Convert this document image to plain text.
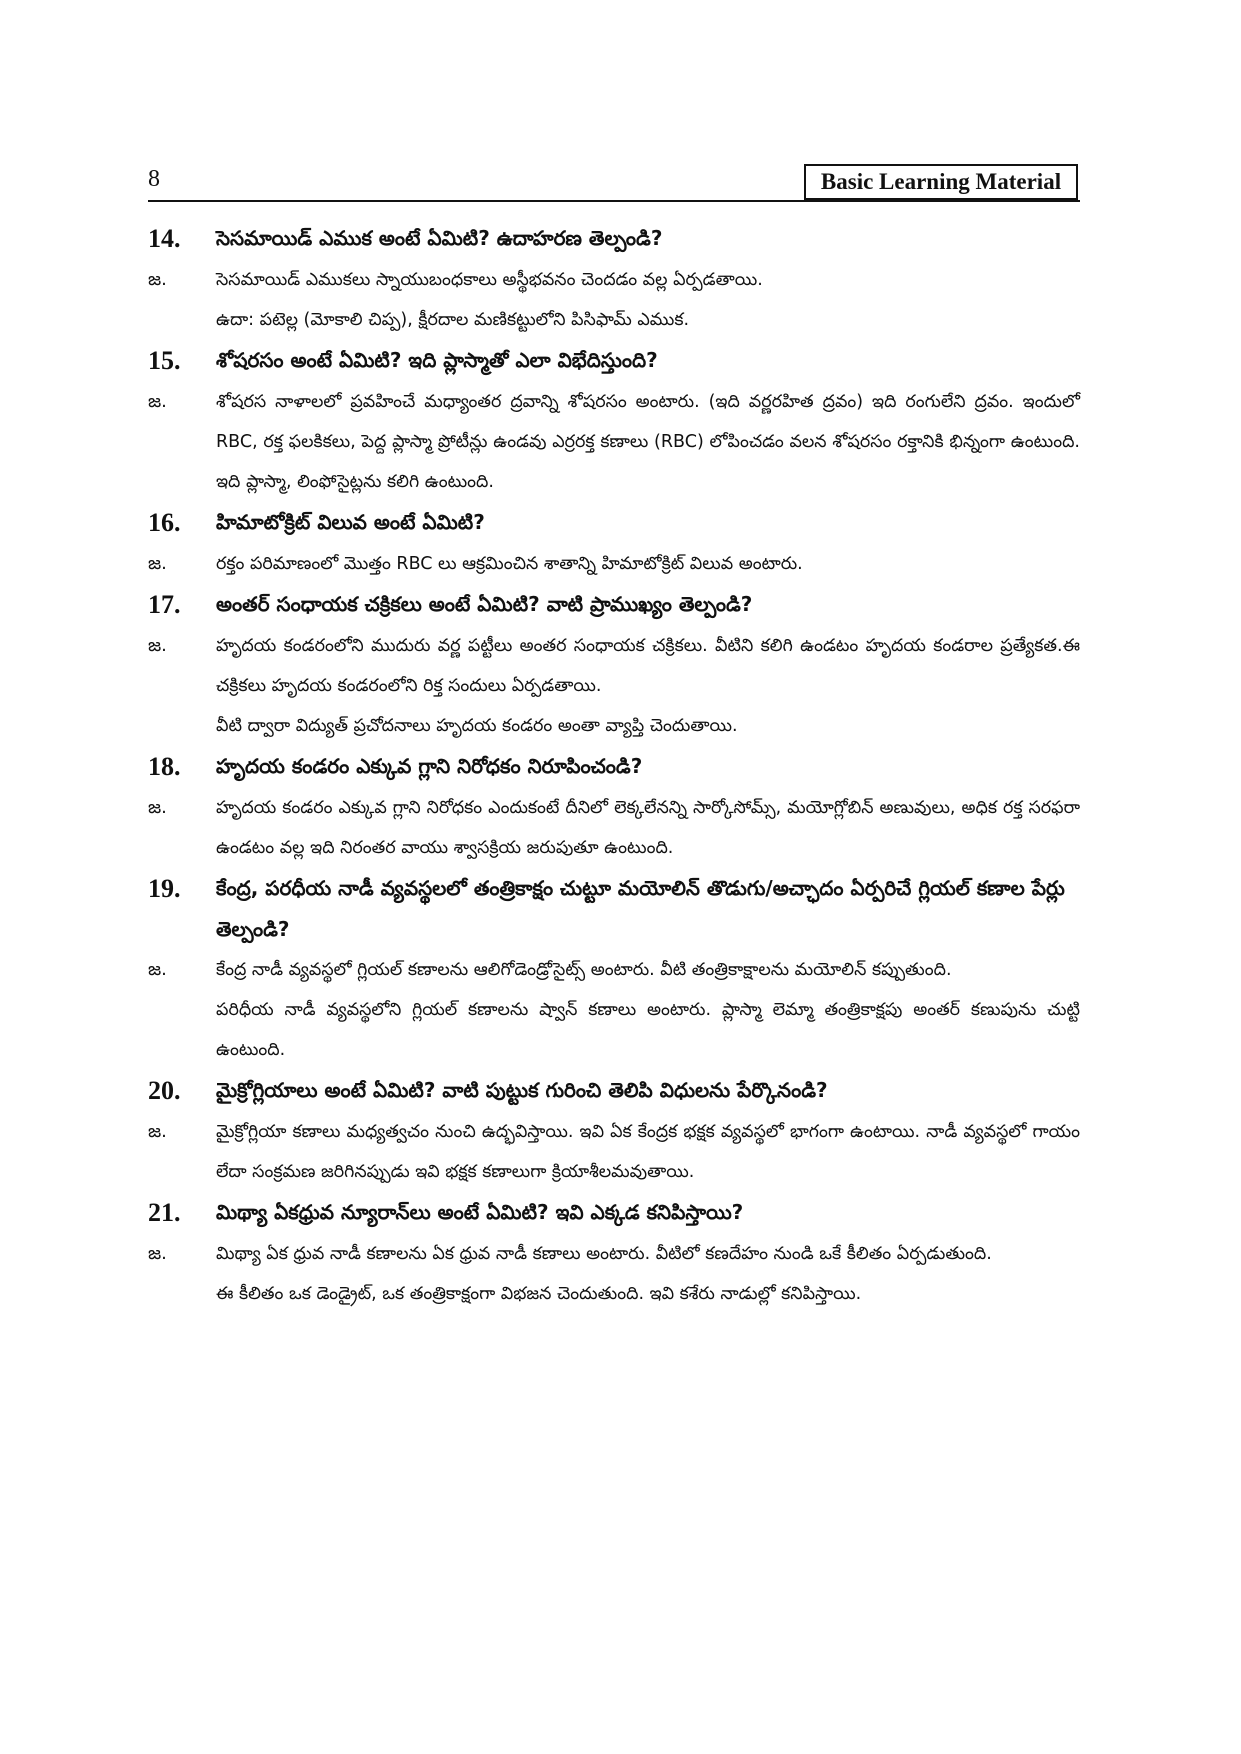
8	Basic Learning Material
14.	సెసమాయిడ్ ఎముక అంటే ఏమిటి? ఉదాహరణ తెల్పండి?
జ.	సెసమాయిడ్ ఎముకలు స్నాయుబంధకాలు అస్థీభవనం చెందడం వల్ల ఏర్పడతాయి.

ఉదా: పటెల్ల (మోకాలి చిప్ప), క్షీరదాల మణికట్టులోని పిసిఫామ్ ఎముక.

15.	శోషరసం అంటే ఏమిటి? ఇది ప్లాస్మాతో ఎలా విభేదిస్తుంది?
జ.	శోషరస నాళాలలో ప్రవహించే మధ్యాంతర ద్రవాన్ని శోషరసం అంటారు. (ఇది వర్ణరహిత ద్రవం) ఇది రంగులేని ద్రవం. ఇందులో RBC, రక్త ఫలకికలు, పెద్ద ప్లాస్మా ప్రోటీన్లు ఉండవు ఎర్రరక్త కణాలు (RBC) లోపించడం వలన శోషరసం రక్తానికి భిన్నంగా ఉంటుంది. ఇది ప్లాస్మా, లింఫోసైట్లను కలిగి ఉంటుంది.

16.	హిమాటోక్రిట్ విలువ అంటే ఏమిటి?
జ.	రక్తం పరిమాణంలో మొత్తం RBC లు ఆక్రమించిన శాతాన్ని హిమాటోక్రిట్ విలువ అంటారు.

17.	అంతర్ సంధాయక చక్రికలు అంటే ఏమిటి? వాటి ప్రాముఖ్యం తెల్పండి?
జ.	హృదయ కండరంలోని ముదురు వర్ణ పట్టీలు అంతర సంధాయక చక్రికలు. వీటిని కలిగి ఉండటం హృదయ కండరాల ప్రత్యేకత.ఈ చక్రికలు హృదయ కండరంలోని రిక్త సందులు ఏర్పడతాయి.

వీటి ద్వారా విద్యుత్ ప్రచోదనాలు హృదయ కండరం అంతా వ్యాప్తి చెందుతాయి.

18.	హృదయ కండరం ఎక్కువ గ్లాని నిరోధకం నిరూపించండి?
జ.	హృదయ కండరం ఎక్కువ గ్లాని నిరోధకం ఎందుకంటే దీనిలో లెక్కలేనన్ని సార్కోసోమ్స్, మయోగ్లోబిన్ అణువులు, అధిక రక్త సరఫరా ఉండటం వల్ల ఇది నిరంతర వాయు శ్వాసక్రియ జరుపుతూ ఉంటుంది.

19.	కేంద్ర, పరధీయ నాడీ వ్యవస్థలలో తంత్రికాక్షం చుట్టూ మయోలిన్ తొడుగు/అచ్ఛాదం ఏర్పరిచే గ్లియల్ కణాల పేర్లు తెల్పండి?
జ.	కేంద్ర నాడీ వ్యవస్థలో గ్లియల్ కణాలను ఆలిగోడెండ్రోసైట్స్ అంటారు. వీటి తంత్రికాక్షాలను మయోలిన్ కప్పుతుంది.

పరిధీయ నాడీ వ్యవస్థలోని గ్లియల్ కణాలను ష్వాన్ కణాలు అంటారు. ప్లాస్మా లెమ్మా తంత్రికాక్షపు అంతర్ కణుపును చుట్టి ఉంటుంది.

20.	మైక్రోగ్లియాలు అంటే ఏమిటి? వాటి పుట్టుక గురించి తెలిపి విధులను పేర్కొనండి?
జ.	మైక్రోగ్లియా కణాలు మధ్యత్వచం నుంచి ఉద్భవిస్తాయి. ఇవి ఏక కేంద్రక భక్షక వ్యవస్థలో భాగంగా ఉంటాయి. నాడీ వ్యవస్థలో గాయం లేదా సంక్రమణ జరిగినప్పుడు ఇవి భక్షక కణాలుగా క్రియాశీలమవుతాయి.

21.	మిథ్యా ఏకధ్రువ న్యూరాన్‌లు అంటే ఏమిటి? ఇవి ఎక్కడ కనిపిస్తాయి?
జ.	మిథ్యా ఏక ధ్రువ నాడీ కణాలను ఏక ధ్రువ నాడీ కణాలు అంటారు. వీటిలో కణదేహం నుండి ఒకే కీలితం ఏర్పడుతుంది.

ఈ కీలితం ఒక డెండ్రైట్, ఒక తంత్రికాక్షంగా విభజన చెందుతుంది. ఇవి కశేరు నాడుల్లో కనిపిస్తాయి.
